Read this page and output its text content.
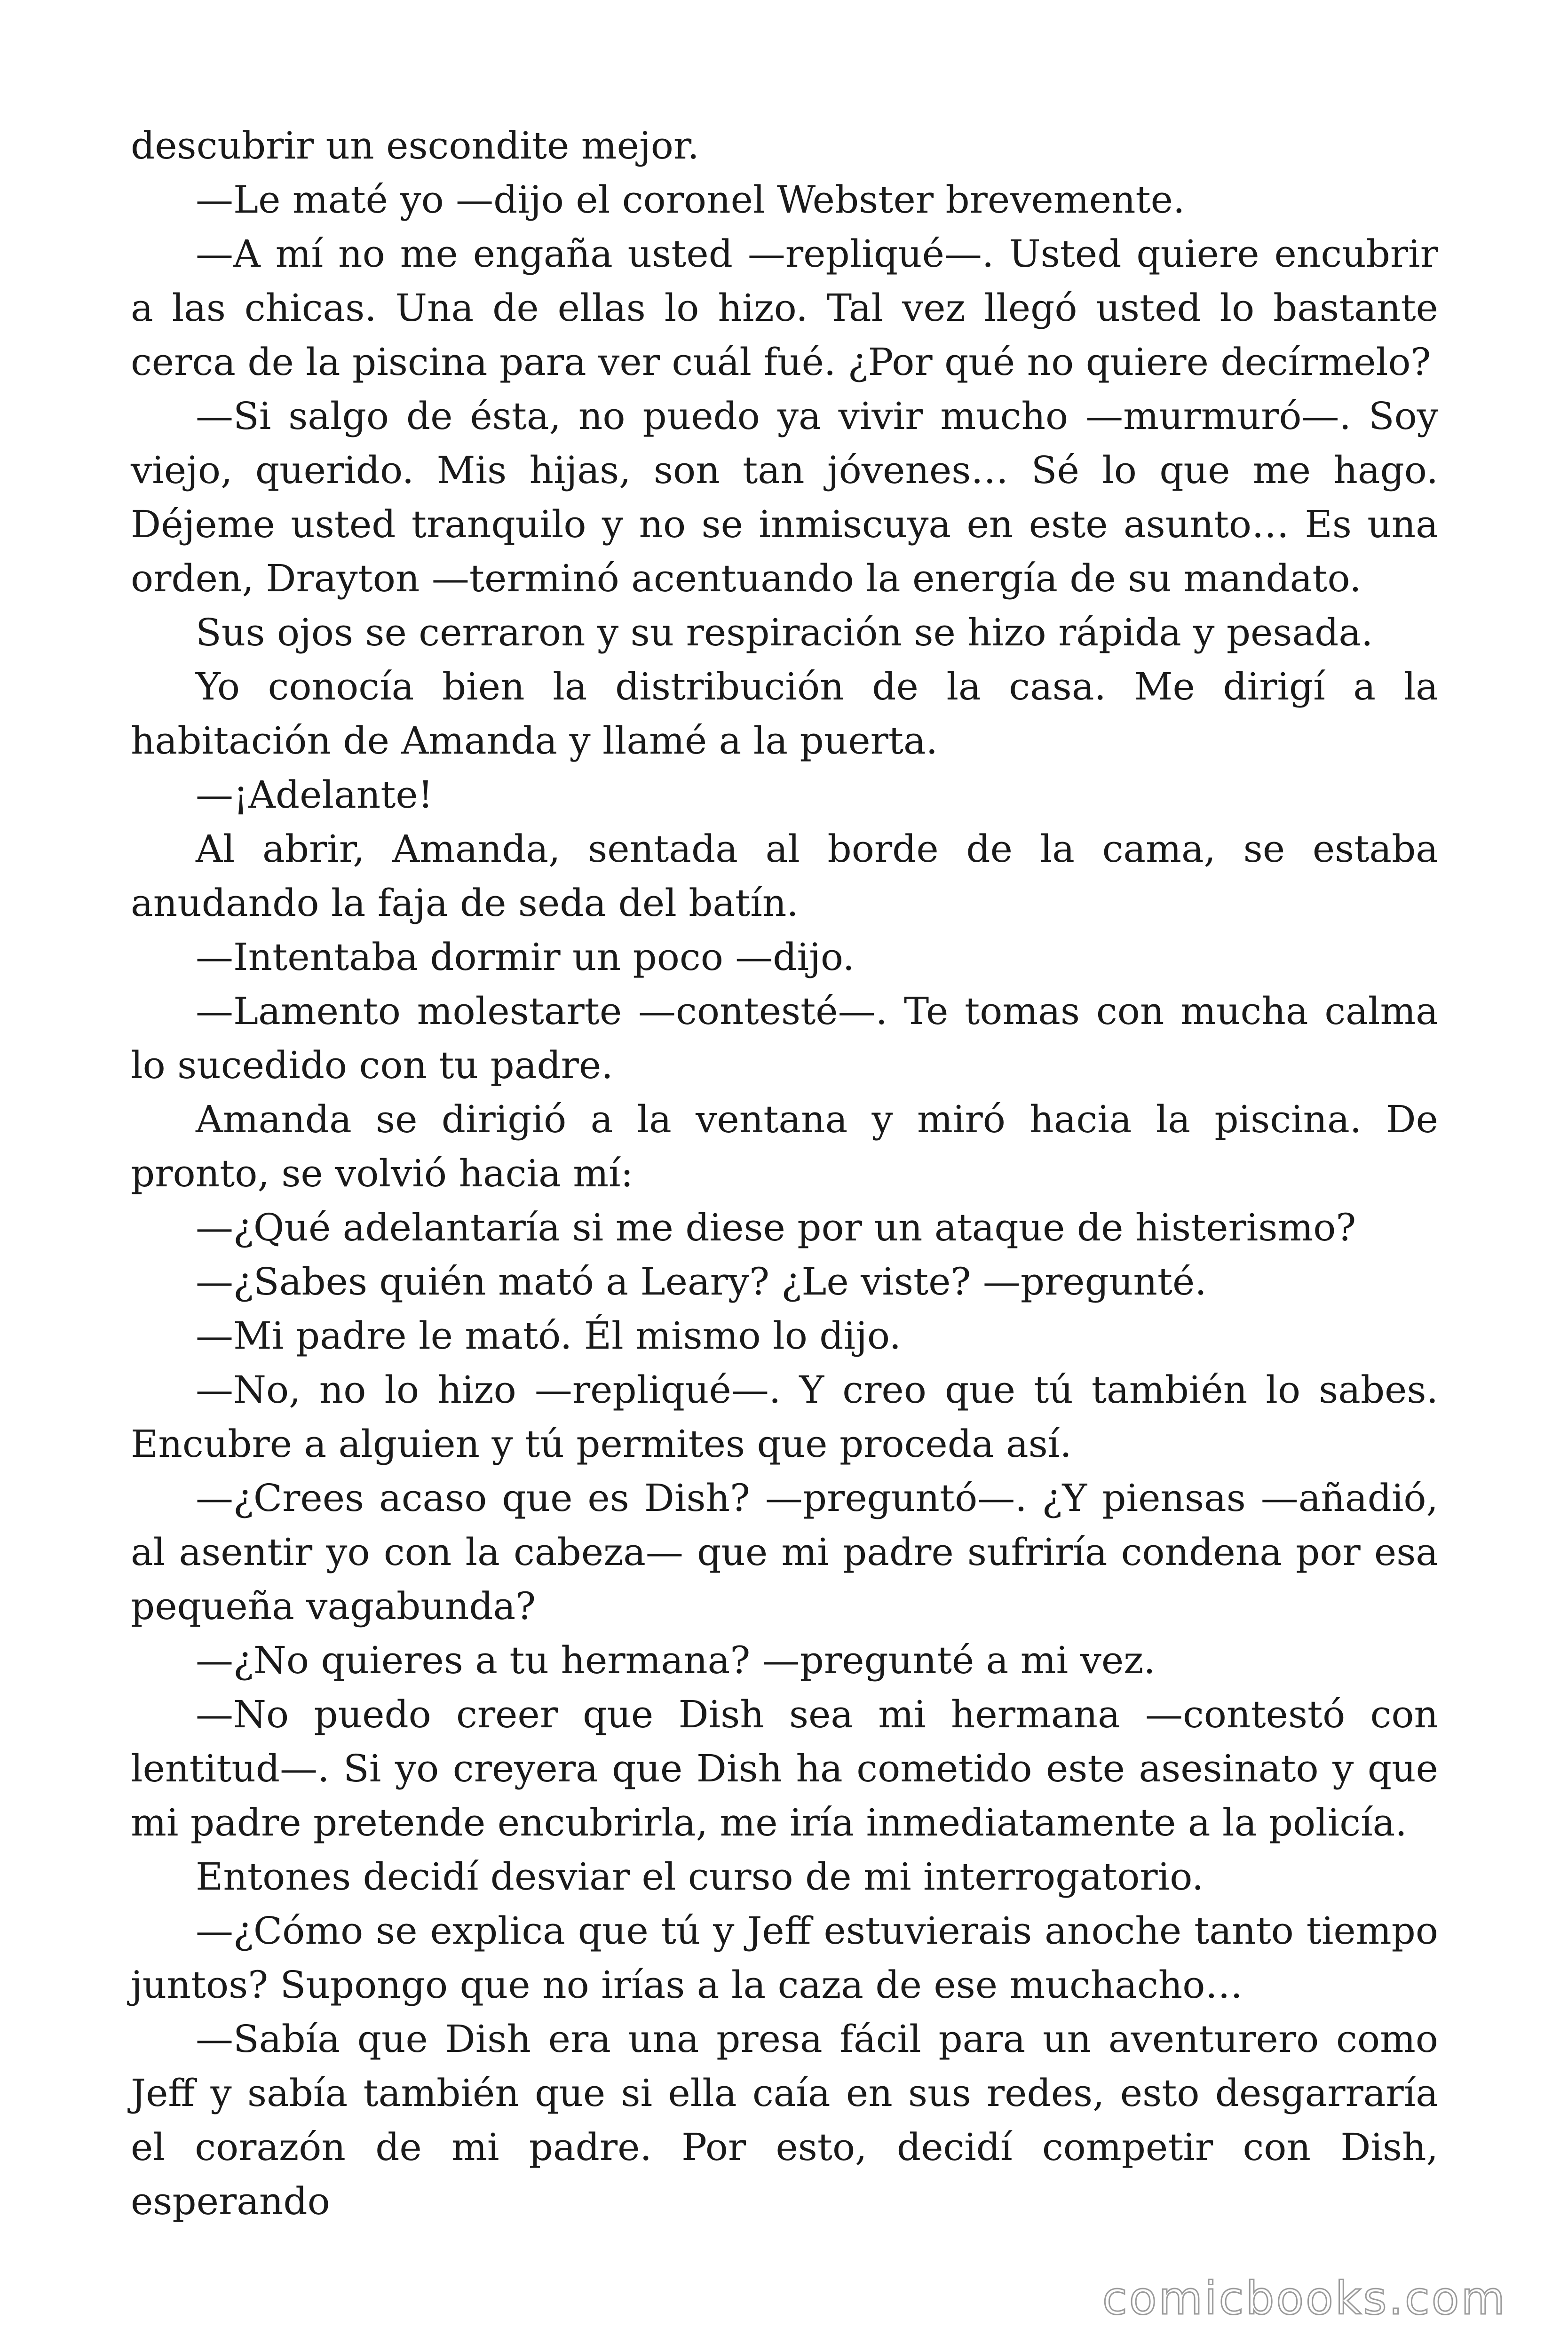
descubrir un escondite mejor.

—Le maté yo —dijo el coronel Webster brevemente.

—A mí no me engaña usted —repliqué—. Usted quiere encubrir a las chicas. Una de ellas lo hizo. Tal vez llegó usted lo bastante cerca de la piscina para ver cuál fué. ¿Por qué no quiere decírmelo?

—Si salgo de ésta, no puedo ya vivir mucho —murmuró—. Soy viejo, querido. Mis hijas, son tan jóvenes… Sé lo que me hago. Déjeme usted tranquilo y no se inmiscuya en este asunto… Es una orden, Drayton —terminó acentuando la energía de su mandato.

Sus ojos se cerraron y su respiración se hizo rápida y pesada.

Yo conocía bien la distribución de la casa. Me dirigí a la habitación de Amanda y llamé a la puerta.

—¡Adelante!

Al abrir, Amanda, sentada al borde de la cama, se estaba anudando la faja de seda del batín.

—Intentaba dormir un poco —dijo.

—Lamento molestarte —contesté—. Te tomas con mucha calma lo sucedido con tu padre.

Amanda se dirigió a la ventana y miró hacia la piscina. De pronto, se volvió hacia mí:

—¿Qué adelantaría si me diese por un ataque de histerismo?

—¿Sabes quién mató a Leary? ¿Le viste? —pregunté.

—Mi padre le mató. Él mismo lo dijo.

—No, no lo hizo —repliqué—. Y creo que tú también lo sabes. Encubre a alguien y tú permites que proceda así.

—¿Crees acaso que es Dish? —preguntó—. ¿Y piensas —añadió, al asentir yo con la cabeza— que mi padre sufriría condena por esa pequeña vagabunda?

—¿No quieres a tu hermana? —pregunté a mi vez.

—No puedo creer que Dish sea mi hermana —contestó con lentitud—. Si yo creyera que Dish ha cometido este asesinato y que mi padre pretende encubrirla, me iría inmediatamente a la policía.

Entones decidí desviar el curso de mi interrogatorio.

—¿Cómo se explica que tú y Jeff estuvierais anoche tanto tiempo juntos? Supongo que no irías a la caza de ese muchacho…

—Sabía que Dish era una presa fácil para un aventurero como Jeff y sabía también que si ella caía en sus redes, esto desgarraría el corazón de mi padre. Por esto, decidí competir con Dish, esperando

comicbooks.com
